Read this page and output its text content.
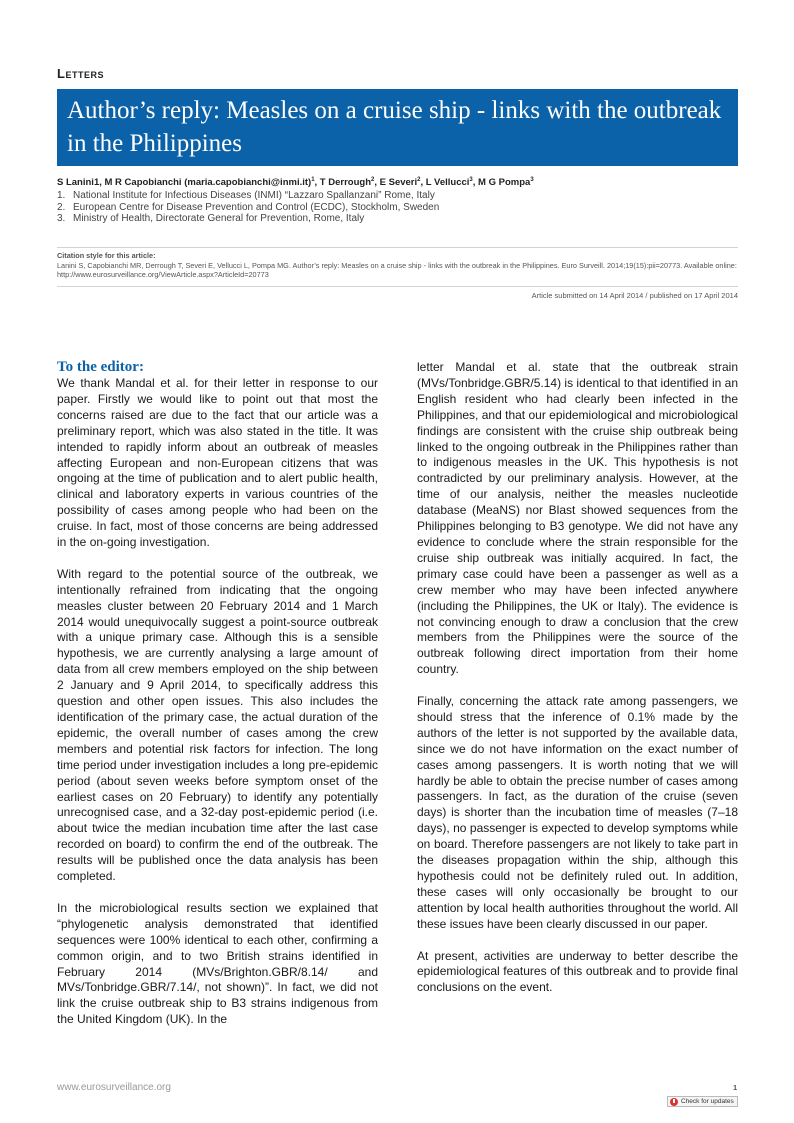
Letters
Author’s reply: Measles on a cruise ship - links with the outbreak in the Philippines
S Lanini1, M R Capobianchi (maria.capobianchi@inmi.it)$^1$, T Derrough$^2$, E Severi$^2$, L Vellucci$^3$, M G Pompa$^3$
1. National Institute for Infectious Diseases (INMI) “Lazzaro Spallanzani” Rome, Italy
2. European Centre for Disease Prevention and Control (ECDC), Stockholm, Sweden
3. Ministry of Health, Directorate General for Prevention, Rome, Italy
Citation style for this article:
Lanini S, Capobianchi MR, Derrough T, Severi E, Vellucci L, Pompa MG. Author’s reply: Measles on a cruise ship - links with the outbreak in the Philippines. Euro Surveill. 2014;19(15):pii=20773. Available online: http://www.eurosurveillance.org/ViewArticle.aspx?ArticleId=20773
Article submitted on 14 April 2014 / published on 17 April 2014
To the editor:

We thank Mandal et al. for their letter in response to our paper. Firstly we would like to point out that most the concerns raised are due to the fact that our article was a preliminary report, which was also stated in the title. It was intended to rapidly inform about an outbreak of measles affecting European and non-European citizens that was ongoing at the time of publication and to alert public health, clinical and laboratory experts in various countries of the possibility of cases among people who had been on the cruise. In fact, most of those concerns are being addressed in the on-going investigation.

With regard to the potential source of the outbreak, we intentionally refrained from indicating that the ongoing measles cluster between 20 February 2014 and 1 March 2014 would unequivocally suggest a point-source outbreak with a unique primary case. Although this is a sensible hypothesis, we are currently analysing a large amount of data from all crew members employed on the ship between 2 January and 9 April 2014, to specifically address this question and other open issues. This also includes the identification of the primary case, the actual duration of the epidemic, the overall number of cases among the crew members and potential risk factors for infection. The long time period under investigation includes a long pre-epidemic period (about seven weeks before symptom onset of the earliest cases on 20 February) to identify any potentially unrecognised case, and a 32-day post-epidemic period (i.e. about twice the median incubation time after the last case recorded on board) to confirm the end of the outbreak. The results will be published once the data analysis has been completed.

In the microbiological results section we explained that “phylogenetic analysis demonstrated that identified sequences were 100% identical to each other, confirming a common origin, and to two British strains identified in February 2014 (MVs/Brighton.GBR/8.14/ and MVs/Tonbridge.GBR/7.14/, not shown)”. In fact, we did not link the cruise outbreak ship to B3 strains indigenous from the United Kingdom (UK). In the

letter Mandal et al. state that the outbreak strain (MVs/Tonbridge.GBR/5.14) is identical to that identified in an English resident who had clearly been infected in the Philippines, and that our epidemiological and microbiological findings are consistent with the cruise ship outbreak being linked to the ongoing outbreak in the Philippines rather than to indigenous measles in the UK. This hypothesis is not contradicted by our preliminary analysis. However, at the time of our analysis, neither the measles nucleotide database (MeaNS) nor Blast showed sequences from the Philippines belonging to B3 genotype. We did not have any evidence to conclude where the strain responsible for the cruise ship outbreak was initially acquired. In fact, the primary case could have been a passenger as well as a crew member who may have been infected anywhere (including the Philippines, the UK or Italy). The evidence is not convincing enough to draw a conclusion that the crew members from the Philippines were the source of the outbreak following direct importation from their home country.

Finally, concerning the attack rate among passengers, we should stress that the inference of 0.1% made by the authors of the letter is not supported by the available data, since we do not have information on the exact number of cases among passengers. It is worth noting that we will hardly be able to obtain the precise number of cases among passengers. In fact, as the duration of the cruise (seven days) is shorter than the incubation time of measles (7–18 days), no passenger is expected to develop symptoms while on board. Therefore passengers are not likely to take part in the diseases propagation within the ship, although this hypothesis could not be definitely ruled out. In addition, these cases will only occasionally be brought to our attention by local health authorities throughout the world. All these issues have been clearly discussed in our paper.

At present, activities are underway to better describe the epidemiological features of this outbreak and to provide final conclusions on the event.

www.eurosurveillance.org	1
Check for updates
